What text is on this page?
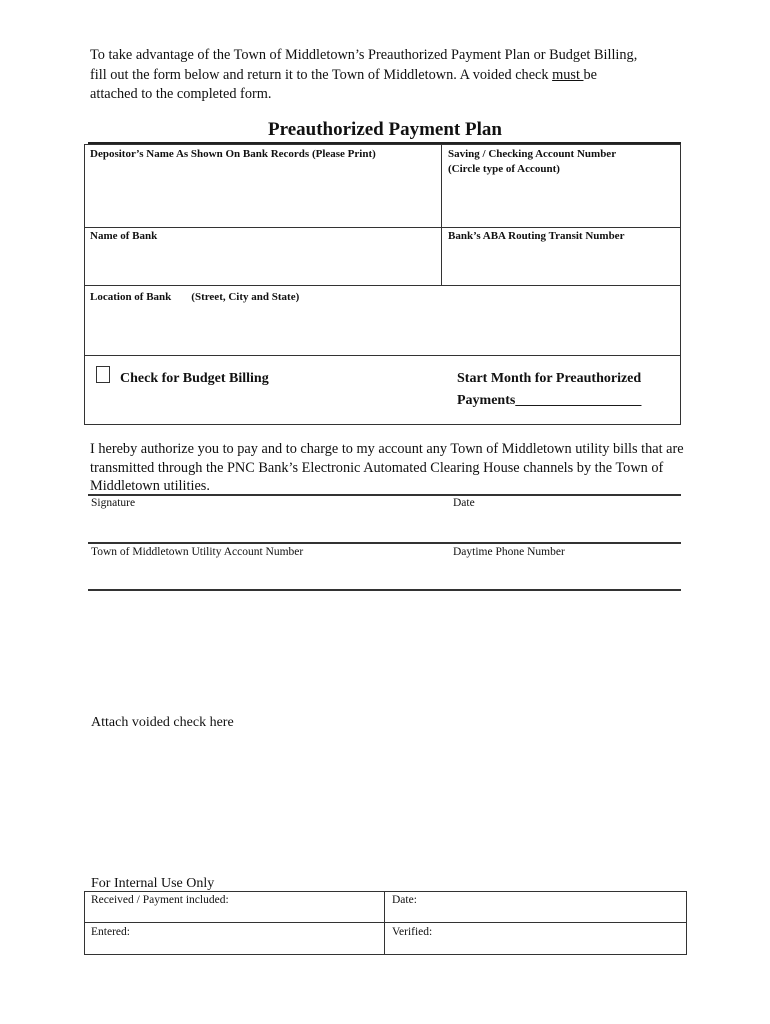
To take advantage of the Town of Middletown’s Preauthorized Payment Plan or Budget Billing,
fill out the form below and return it to the Town of Middletown. A voided check must be
attached to the completed form.
Preauthorized Payment Plan
Depositor’s Name As Shown On Bank Records (Please Print)	Saving / Checking Account Number
(Circle type of Account)
Name of Bank	Bank’s ABA Routing Transit Number
Location of Bank (Street, City and State)
Check for Budget Billing	Start Month for Preauthorized
Payments__________________
I hereby authorize you to pay and to charge to my account any Town of Middletown utility bills that are transmitted through the PNC Bank’s Electronic Automated Clearing House channels by the Town of Middletown utilities.
Signature	Date
Town of Middletown Utility Account Number	Daytime Phone Number
Attach voided check here
For Internal Use Only
Received / Payment included:	Date:
Entered:	Verified:
